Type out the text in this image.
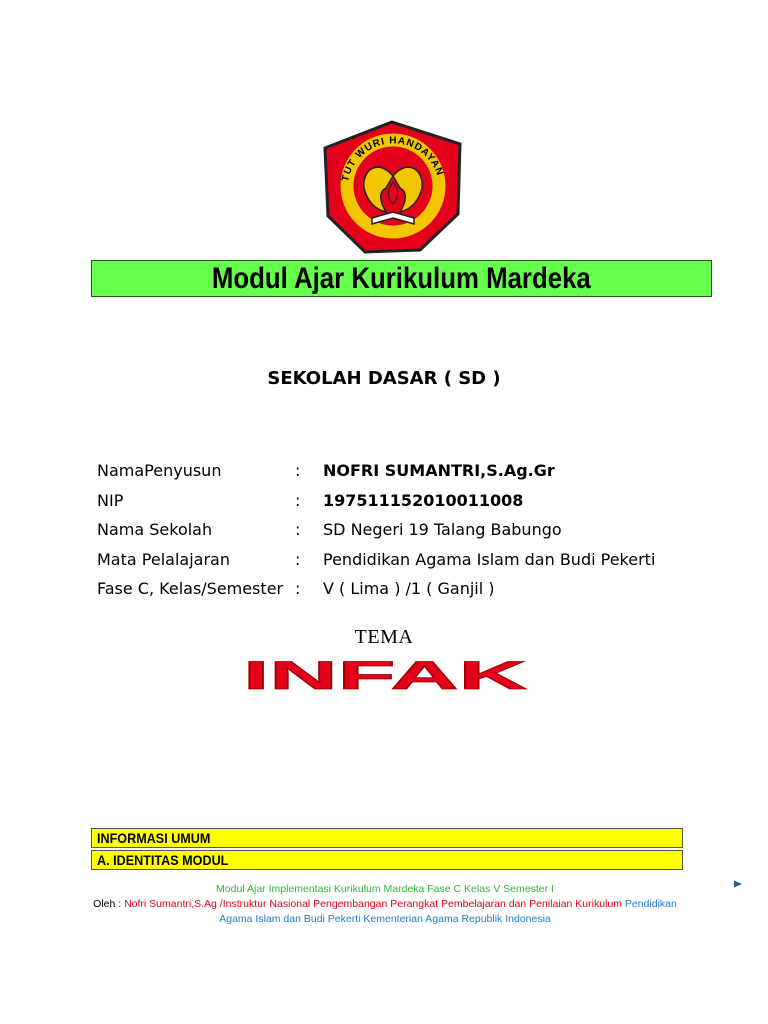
TUT WURI HANDAYAN
Modul Ajar Kurikulum Mardeka
SEKOLAH DASAR ( SD )
NamaPenyusun	: NOFRI SUMANTRI,S.Ag.Gr
NIP	: 197511152010011008
Nama Sekolah	: SD Negeri 19 Talang Babungo
Mata Pelalajaran	: Pendidikan Agama Islam dan Budi Pekerti
Fase C, Kelas/Semester : V ( Lima ) /1 ( Ganjil )
TEMA
INFAK
INFORMASI UMUM
A. IDENTITAS MODUL
Modul Ajar Implementasi Kurikulum Mardeka Fase C Kelas V Semester I
Oleh : Nofri Sumantri,S.Ag /Instruktur Nasional Pengembangan Perangkat Pembelajaran dan Penilaian Kurikulum Pendidikan
Agama Islam dan Budi Pekerti Kementerian Agama Republik Indonesia
